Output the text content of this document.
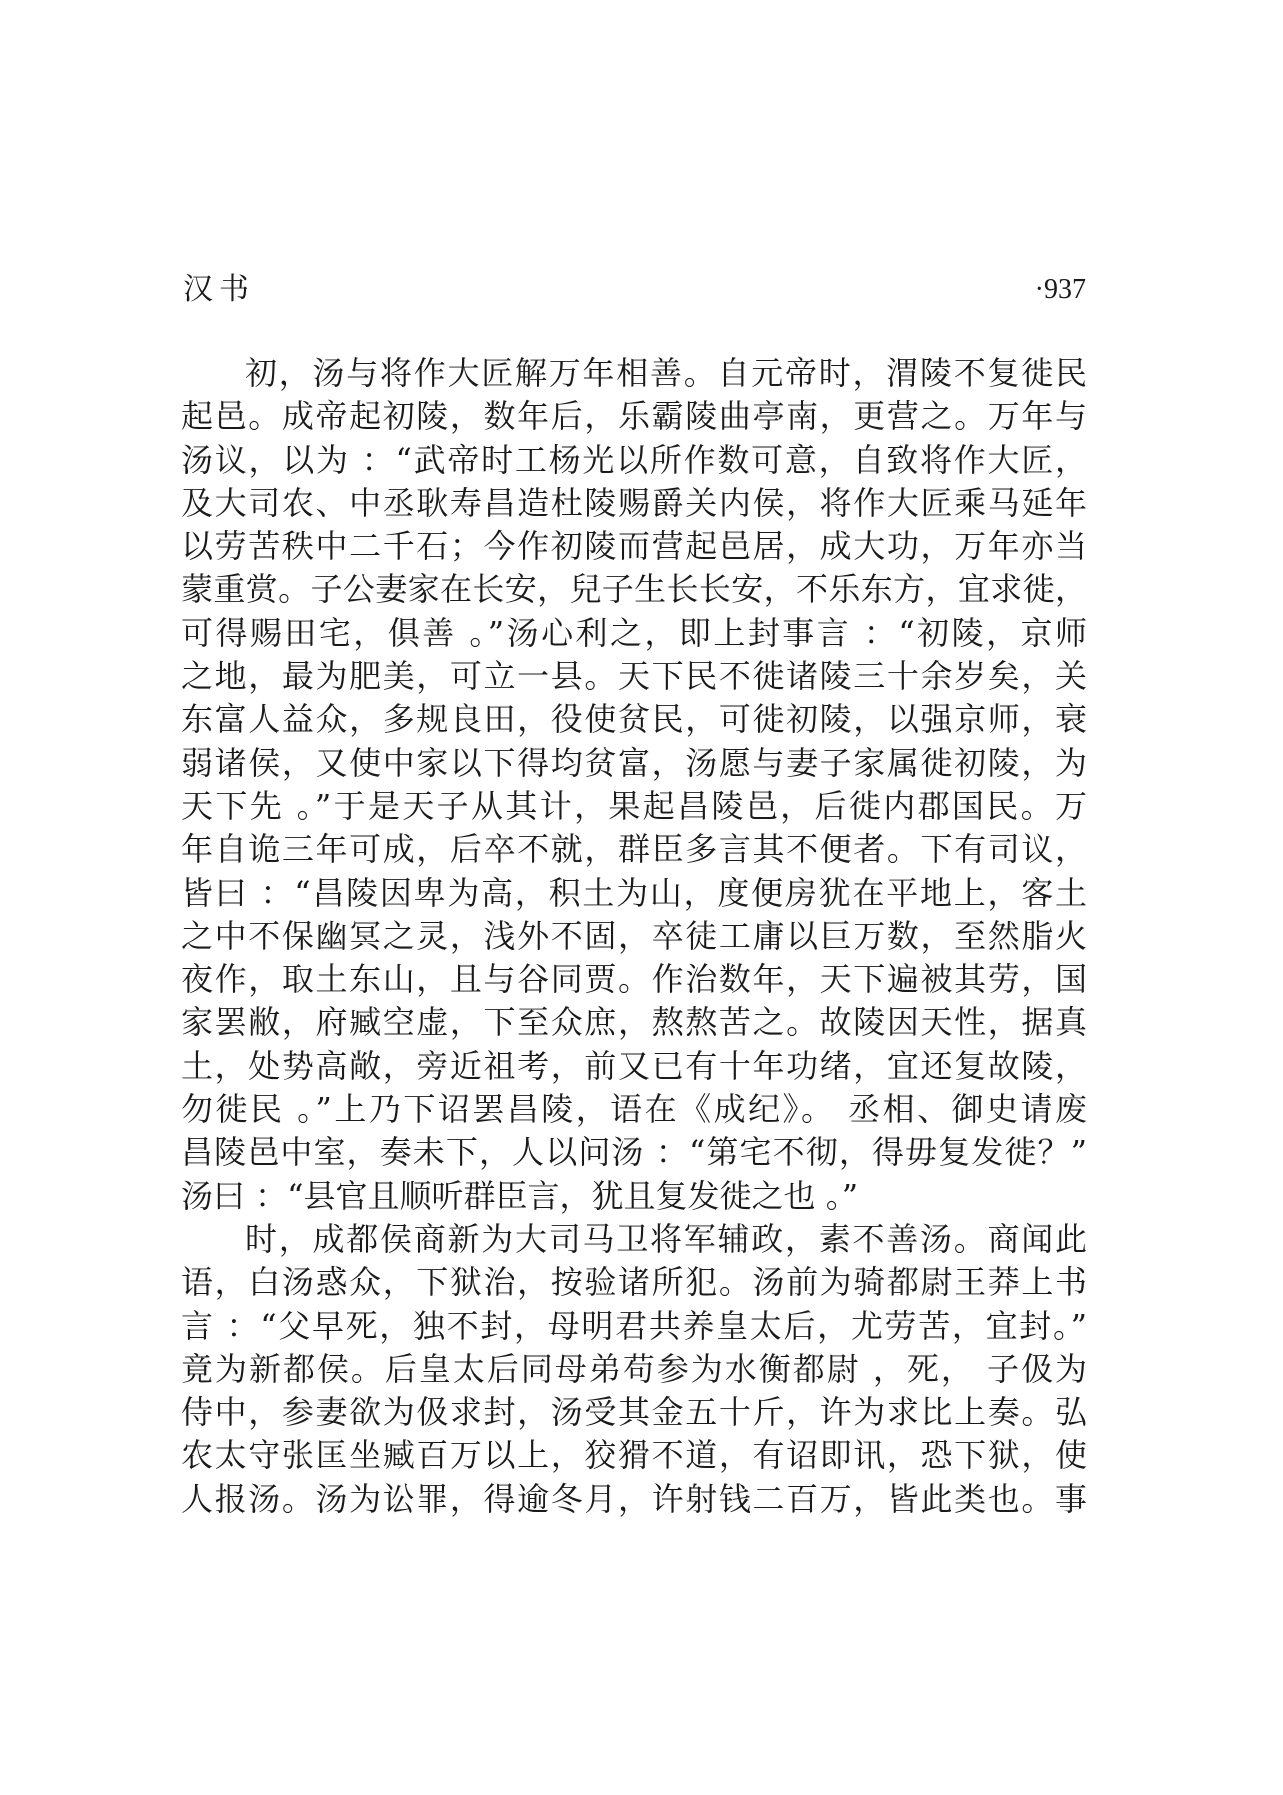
汉书	·937
初，汤与将作大匠解万年相善。自元帝时，渭陵不复徙民
起邑。成帝起初陵，数年后，乐霸陵曲亭南，更营之。万年与
汤议，以为 ：“武帝时工杨光以所作数可意，自致将作大匠，
及大司农、中丞耿寿昌造杜陵赐爵关内侯，将作大匠乘马延年
以劳苦秩中二千石；今作初陵而营起邑居，成大功，万年亦当
蒙重赏。子公妻家在长安，兒子生长长安，不乐东方，宜求徙，
可得赐田宅，俱善 。”汤心利之，即上封事言 ：“初陵，京师
之地，最为肥美，可立一县。天下民不徙诸陵三十余岁矣，关
东富人益众，多规良田，役使贫民，可徙初陵，以强京师，衰
弱诸侯，又使中家以下得均贫富，汤愿与妻子家属徙初陵，为
天下先 。”于是天子从其计，果起昌陵邑，后徙内郡国民。万
年自诡三年可成，后卒不就，群臣多言其不便者。下有司议，
皆曰 ：“昌陵因卑为高，积土为山，度便房犹在平地上，客土
之中不保幽冥之灵，浅外不固，卒徒工庸以巨万数，至然脂火
夜作，取土东山，且与谷同贾。作治数年，天下遍被其劳，国
家罢敝，府臧空虚，下至众庶，熬熬苦之。故陵因天性，据真
土，处势高敞，旁近祖考，前又已有十年功绪，宜还复故陵，
勿徙民 。”上乃下诏罢昌陵，语在《成纪》。 丞相、御史请废
昌陵邑中室，奏未下，人以问汤 ：“第宅不彻，得毋复发徙？”
汤曰 ：“县官且顺听群臣言，犹且复发徙之也 。”
时，成都侯商新为大司马卫将军辅政，素不善汤。商闻此
语，白汤惑众，下狱治，按验诸所犯。汤前为骑都尉王莽上书
言 ：“父早死，独不封，母明君共养皇太后，尤劳苦，宜封。”
竟为新都侯。后皇太后同母弟苟参为水衡都尉 ，死， 子伋为
侍中，参妻欲为伋求封，汤受其金五十斤，许为求比上奏。弘
农太守张匡坐臧百万以上，狡猾不道，有诏即讯，恐下狱，使
人报汤。汤为讼罪，得逾冬月，许射钱二百万，皆此类也。事
